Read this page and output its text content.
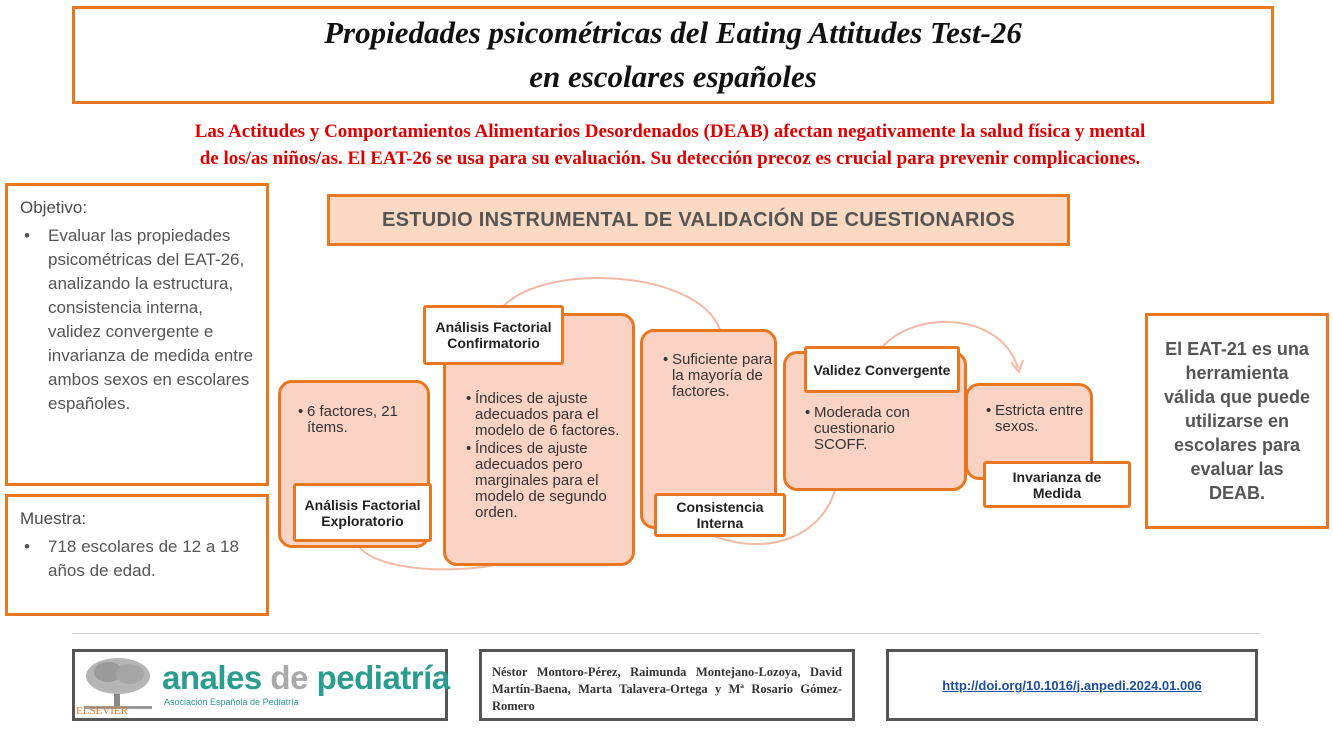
Propiedades psicométricas del Eating Attitudes Test-26
en escolares españoles
Las Actitudes y Comportamientos Alimentarios Desordenados (DEAB) afectan negativamente la salud física y mental
de los/as niños/as. El EAT-26 se usa para su evaluación. Su detección precoz es crucial para prevenir complicaciones.
Objetivo:
• Evaluar las propiedades psicométricas del EAT-26, analizando la estructura, consistencia interna, validez convergente e invarianza de medida entre ambos sexos en escolares españoles.
Muestra:
• 718 escolares de 12 a 18 años de edad.
ESTUDIO INSTRUMENTAL DE VALIDACIÓN DE CUESTIONARIOS
• 6 factores, 21 ítems.
Análisis Factorial Exploratorio
Análisis Factorial Confirmatorio
• Índices de ajuste adecuados para el modelo de 6 factores.
• Índices de ajuste adecuados pero marginales para el modelo de segundo orden.
• Suficiente para la mayoría de factores.
Consistencia Interna
Validez Convergente
• Moderada con cuestionario SCOFF.
• Estricta entre sexos.
Invarianza de Medida
El EAT-21 es una herramienta válida que puede utilizarse en escolares para evaluar las DEAB.
ELSEVIER
anales de pediatría
Asociación Española de Pediatría
Néstor Montoro-Pérez, Raimunda Montejano-Lozoya, David Martín-Baena, Marta Talavera-Ortega y Mª Rosario Gómez-Romero
http://doi.org/10.1016/j.anpedi.2024.01.006
